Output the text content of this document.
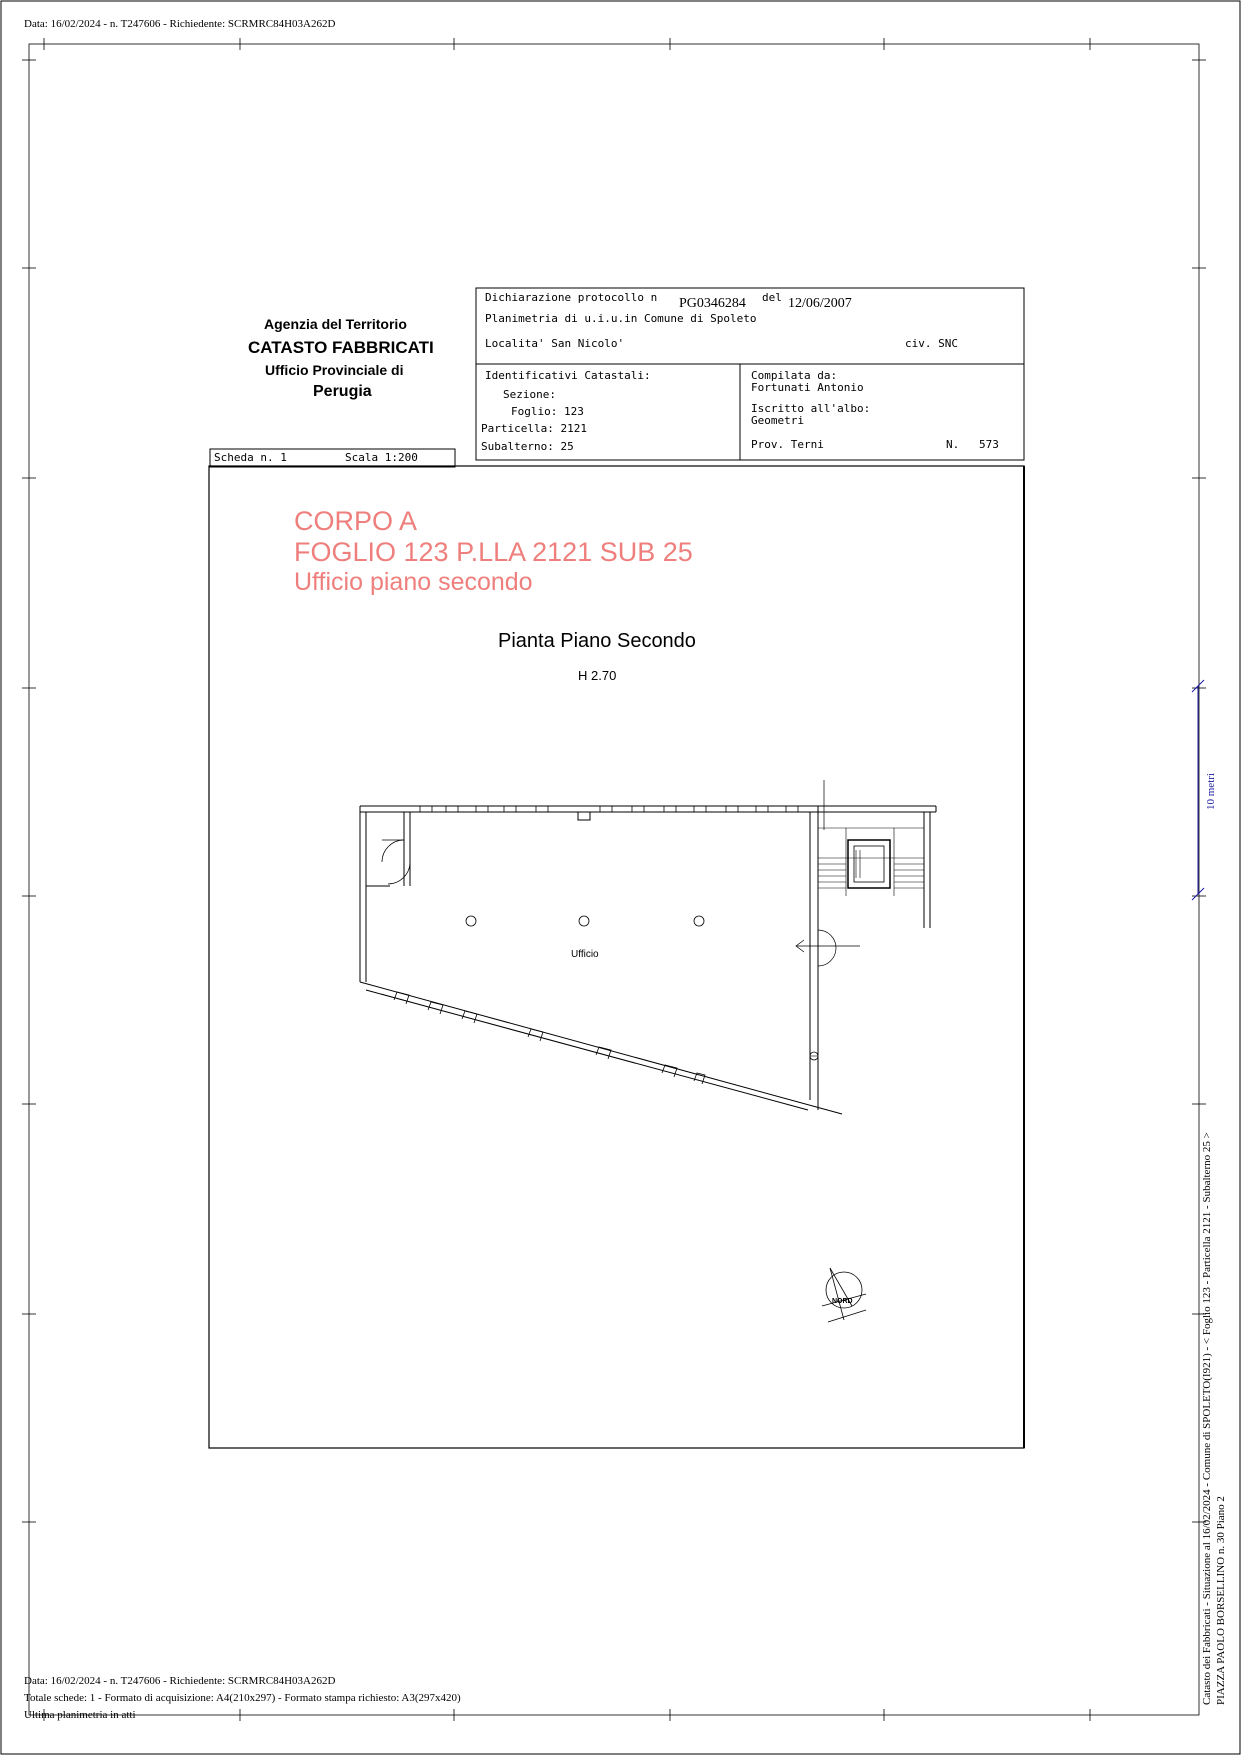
Data: 16/02/2024 - n. T247606 - Richiedente: SCRMRC84H03A262D
Agenzia del Territorio
CATASTO FABBRICATI
Ufficio Provinciale di
Perugia
Dichiarazione protocollo n PG0346284 del 12/06/2007
Planimetria di u.i.u.in Comune di Spoleto
Localita' San Nicolo'	civ. SNC
Identificativi Catastali:
Sezione:
Foglio: 123
Particella: 2121
Subalterno: 25
Compilata da:
Fortunati Antonio
Iscritto all'albo:
Geometri
Prov. Terni	N. 573
Scheda n. 1	Scala 1:200
CORPO A
FOGLIO 123 P.LLA 2121 SUB 25
Ufficio piano secondo
Pianta Piano Secondo
H 2.70
Ufficio
NORD
10 metri
Catasto dei Fabbricati - Situazione al 16/02/2024 - Comune di SPOLETO(I921) - < Foglio 123 - Particella 2121 - Subalterno 25 > PIAZZA PAOLO BORSELLINO n. 30 Piano 2
Data: 16/02/2024 - n. T247606 - Richiedente: SCRMRC84H03A262D
Totale schede: 1 - Formato di acquisizione: A4(210x297) - Formato stampa richiesto: A3(297x420)
Ultima planimetria in atti
